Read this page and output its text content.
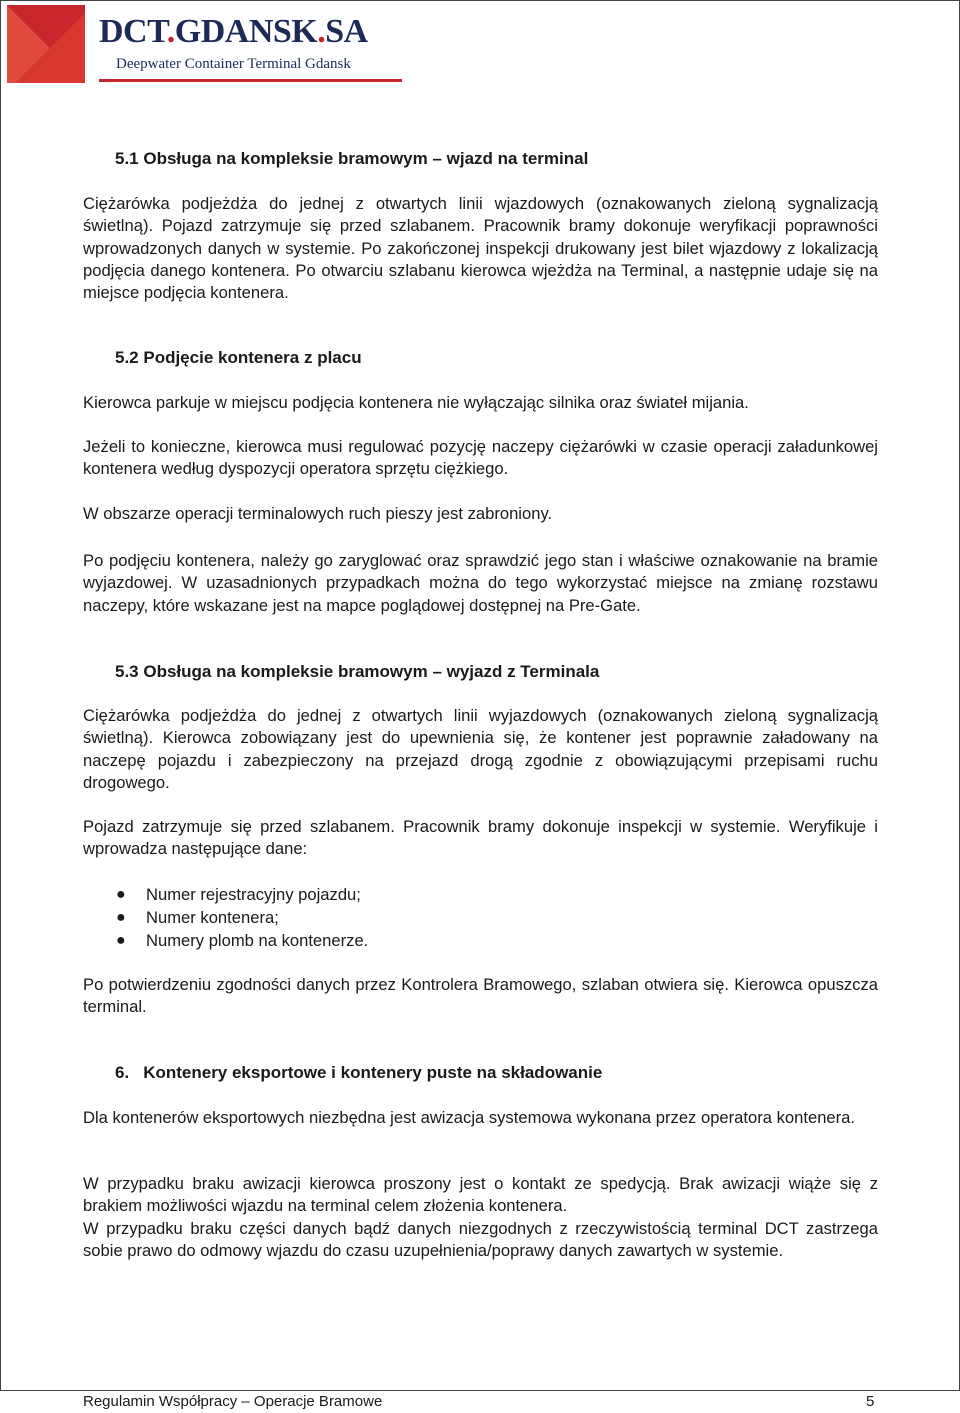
DCT.GDANSK.SA
Deepwater Container Terminal Gdansk
5.1 Obsługa na kompleksie bramowym – wjazd na terminal

Ciężarówka podjeżdża do jednej z otwartych linii wjazdowych (oznakowanych zieloną sygnalizacją świetlną). Pojazd zatrzymuje się przed szlabanem. Pracownik bramy dokonuje weryfikacji poprawności wprowadzonych danych w systemie. Po zakończonej inspekcji drukowany jest bilet wjazdowy z lokalizacją podjęcia danego kontenera. Po otwarciu szlabanu kierowca wjeżdża na Terminal, a następnie udaje się na miejsce podjęcia kontenera.

5.2 Podjęcie kontenera z placu

Kierowca parkuje w miejscu podjęcia kontenera nie wyłączając silnika oraz świateł mijania.

Jeżeli to konieczne, kierowca musi regulować pozycję naczepy ciężarówki w czasie operacji załadunkowej kontenera według dyspozycji operatora sprzętu ciężkiego.

W obszarze operacji terminalowych ruch pieszy jest zabroniony.

Po podjęciu kontenera, należy go zaryglować oraz sprawdzić jego stan i właściwe oznakowanie na bramie wyjazdowej. W uzasadnionych przypadkach można do tego wykorzystać miejsce na zmianę rozstawu naczepy, które wskazane jest na mapce poglądowej dostępnej na Pre-Gate.

5.3 Obsługa na kompleksie bramowym – wyjazd z Terminala

Ciężarówka podjeżdża do jednej z otwartych linii wyjazdowych (oznakowanych zieloną sygnalizacją świetlną). Kierowca zobowiązany jest do upewnienia się, że kontener jest poprawnie załadowany na naczepę pojazdu i zabezpieczony na przejazd drogą zgodnie z obowiązującymi przepisami ruchu drogowego.

Pojazd zatrzymuje się przed szlabanem. Pracownik bramy dokonuje inspekcji w systemie. Weryfikuje i wprowadza następujące dane:

● Numer rejestracyjny pojazdu;
● Numer kontenera;
● Numery plomb na kontenerze.

Po potwierdzeniu zgodności danych przez Kontrolera Bramowego, szlaban otwiera się. Kierowca opuszcza terminal.

6. Kontenery eksportowe i kontenery puste na składowanie

Dla kontenerów eksportowych niezbędna jest awizacja systemowa wykonana przez operatora kontenera.

W przypadku braku awizacji kierowca proszony jest o kontakt ze spedycją. Brak awizacji wiąże się z brakiem możliwości wjazdu na terminal celem złożenia kontenera.

W przypadku braku części danych bądź danych niezgodnych z rzeczywistością terminal DCT zastrzega sobie prawo do odmowy wjazdu do czasu uzupełnienia/poprawy danych zawartych w systemie.

Regulamin Współpracy – Operacje Bramowe	5
